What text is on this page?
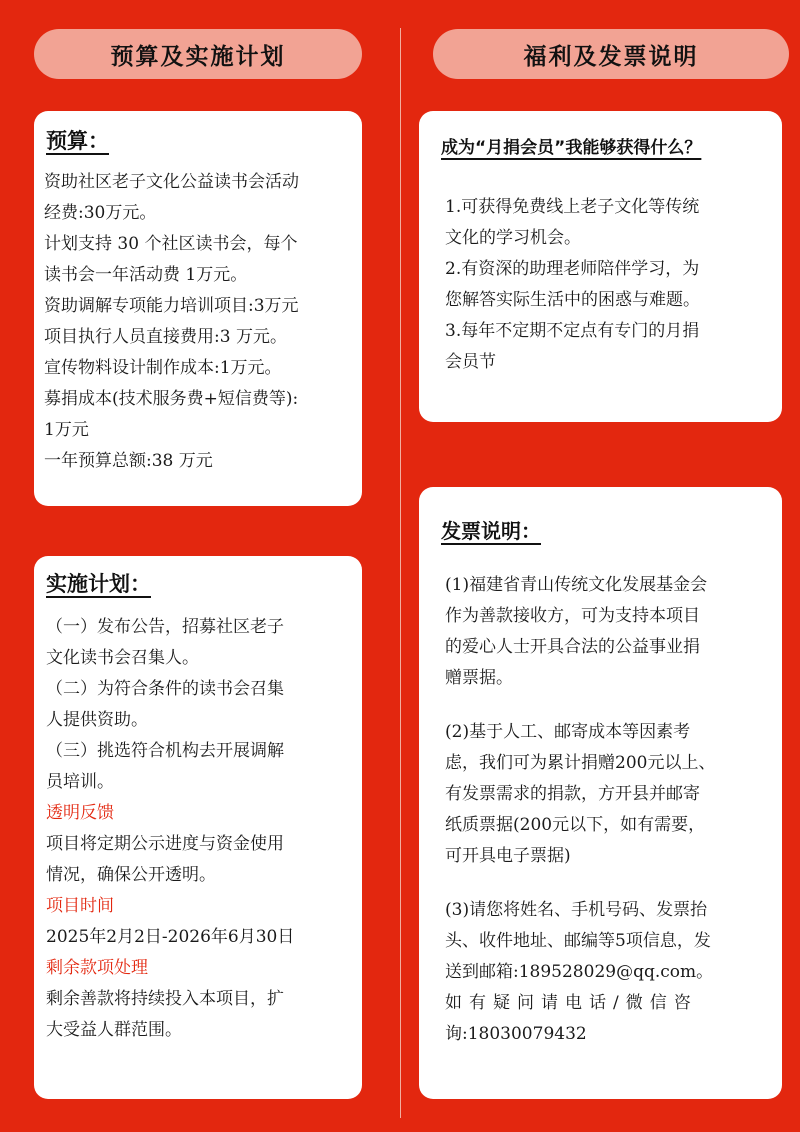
预算及实施计划	福利及发票说明
预算：

资助社区老子文化公益读书会活动

经费:30万元。

计划支持 30 个社区读书会，每个

读书会一年活动费 1万元。

资助调解专项能力培训项目:3万元

项目执行人员直接费用:3 万元。

宣传物料设计制作成本:1万元。

募捐成本(技术服务费+短信费等):

1万元

一年预算总额:38 万元

实施计划：

（一）发布公告，招募社区老子

文化读书会召集人。

（二）为符合条件的读书会召集

人提供资助。

（三）挑选符合机构去开展调解

员培训。

透明反馈

项目将定期公示进度与资金使用

情况，确保公开透明。

项目时间

2025年2月2日-2026年6月30日

剩余款项处理

剩余善款将持续投入本项目，扩

大受益人群范围。

成为“月捐会员”我能够获得什么？

1.可获得免费线上老子文化等传统

文化的学习机会。

2.有资深的助理老师陪伴学习，为

您解答实际生活中的困惑与难题。

3.每年不定期不定点有专门的月捐

会员节

发票说明：

(1)福建省青山传统文化发展基金会

作为善款接收方，可为支持本项目

的爱心人士开具合法的公益事业捐

赠票据。

(2)基于人工、邮寄成本等因素考

虑，我们可为累计捐赠200元以上、

有发票需求的捐款，方开县并邮寄

纸质票据(200元以下，如有需要，

可开具电子票据)

(3)请您将姓名、手机号码、发票抬

头、收件地址、邮编等5项信息，发

送到邮箱:189528029@qq.com。

如有疑问请电话/微信咨

询:18030079432
